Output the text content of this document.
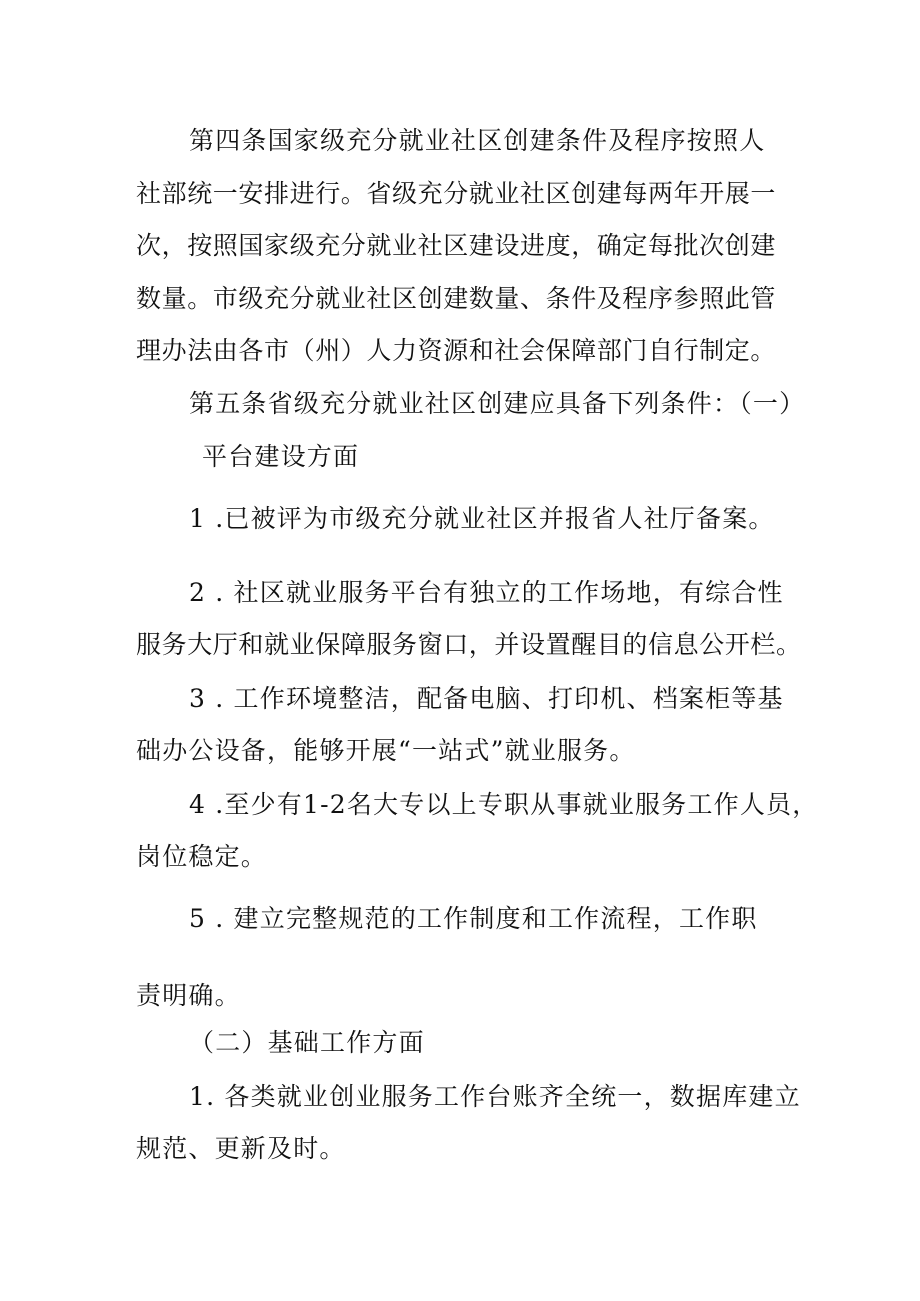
第四条国家级充分就业社区创建条件及程序按照人
社部统一安排进行。省级充分就业社区创建每两年开展一
次，按照国家级充分就业社区建设进度，确定每批次创建
数量。市级充分就业社区创建数量、条件及程序参照此管
理办法由各市（州）人力资源和社会保障部门自行制定。
第五条省级充分就业社区创建应具备下列条件：（一）
平台建设方面
1 .已被评为市级充分就业社区并报省人社厅备案。
2 . 社区就业服务平台有独立的工作场地，有综合性
服务大厅和就业保障服务窗口，并设置醒目的信息公开栏。
3 . 工作环境整洁，配备电脑、打印机、档案柜等基
础办公设备，能够开展“一站式”就业服务。
4 .至少有1-2名大专以上专职从事就业服务工作人员，
岗位稳定。
5 . 建立完整规范的工作制度和工作流程，工作职
责明确。
（二）基础工作方面
1. 各类就业创业服务工作台账齐全统一，数据库建立
规范、更新及时。
